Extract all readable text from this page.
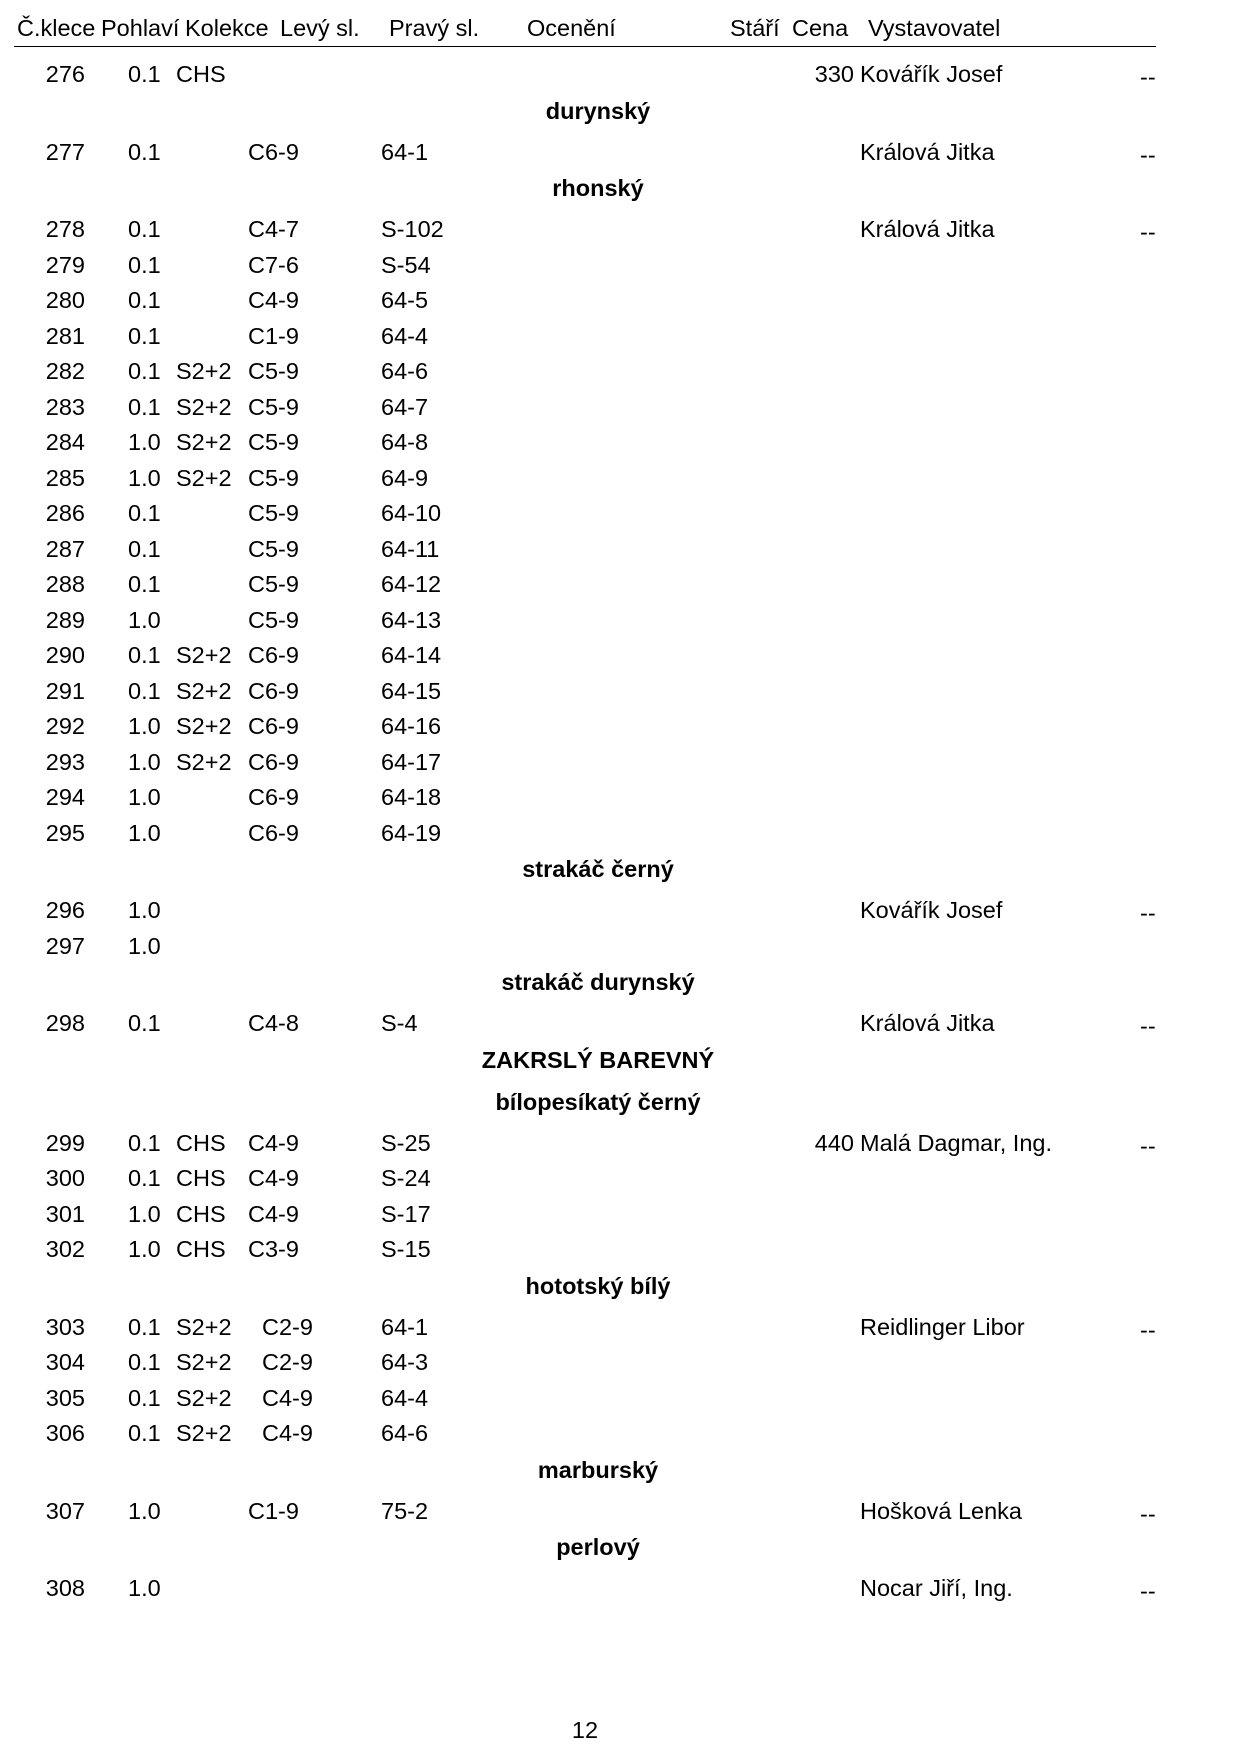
Č.klece Pohlaví Kolekce Levý sl. Pravý sl. Ocenění	Stáří Cena Vystavovatel
276 0.1 CHS	330 Kovářík Josef	--
durynský
277 0.1	C6-9	64-1	Králová Jitka	--
rhonský
278 0.1	C4-7	S-102	Králová Jitka	--
279 0.1	C7-6	S-54
280 0.1	C4-9	64-5
281 0.1	C1-9	64-4
282 0.1 S2+2 C5-9	64-6
283 0.1 S2+2 C5-9	64-7
284 1.0 S2+2 C5-9	64-8
285 1.0 S2+2 C5-9	64-9
286 0.1	C5-9	64-10
287 0.1	C5-9	64-11
288 0.1	C5-9	64-12
289 1.0	C5-9	64-13
290 0.1 S2+2 C6-9	64-14
291 0.1 S2+2 C6-9	64-15
292 1.0 S2+2 C6-9	64-16
293 1.0 S2+2 C6-9	64-17
294 1.0	C6-9	64-18
295 1.0	C6-9	64-19
strakáč černý
296 1.0	Kovářík Josef	--
297 1.0
strakáč durynský
298 0.1	C4-8	S-4	Králová Jitka	--
ZAKRSLÝ BAREVNÝ
bílopesíkatý černý
299 0.1 CHS C4-9	S-25	440 Malá Dagmar, Ing.	--
300 0.1 CHS C4-9	S-24
301 1.0 CHS C4-9	S-17
302 1.0 CHS C3-9	S-15
hototský bílý
303 0.1 S2+2 C2-9	64-1	Reidlinger Libor	--
304 0.1 S2+2 C2-9	64-3
305 0.1 S2+2 C4-9	64-4
306 0.1 S2+2 C4-9	64-6
marburský
307 1.0	C1-9	75-2	Hošková Lenka	--
perlový
308 1.0	Nocar Jiří, Ing.	--
12
